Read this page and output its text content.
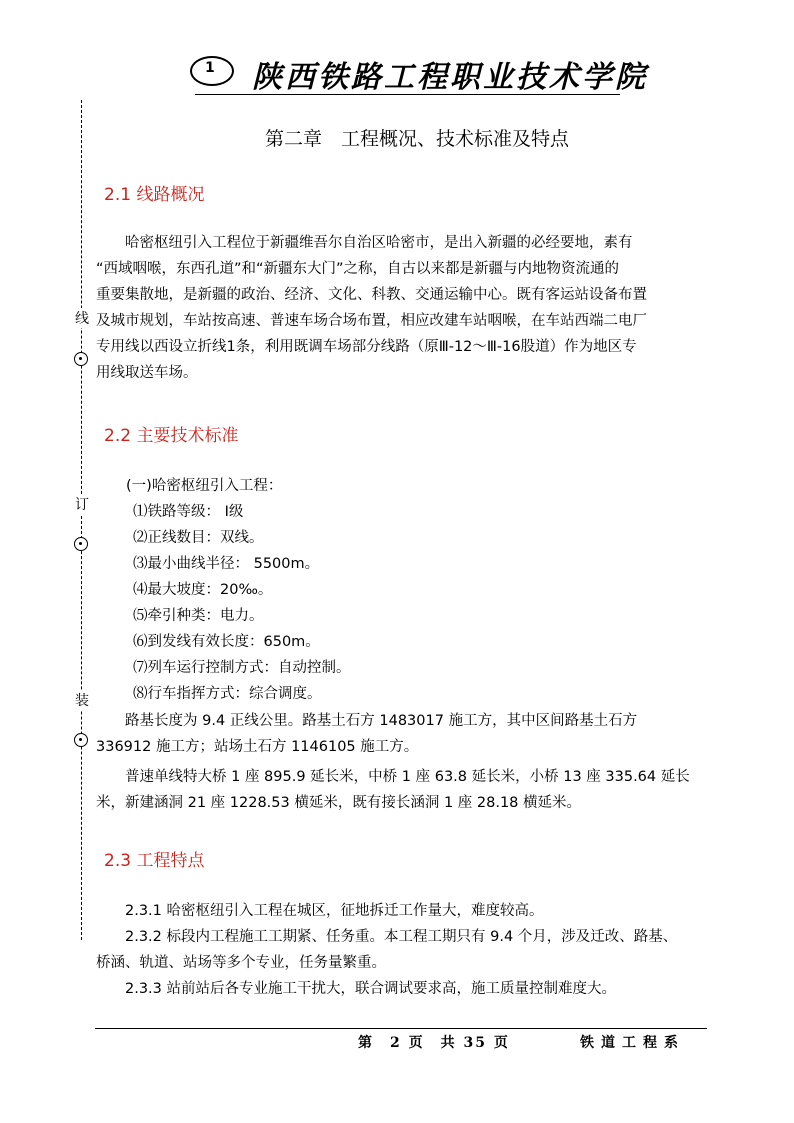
1 陕西铁路工程职业技术学院
线
订
装
第二章　工程概况、技术标准及特点
2.1 线路概况
哈密枢纽引入工程位于新疆维吾尔自治区哈密市，是出入新疆的必经要地，素有
“西域咽喉，东西孔道”和“新疆东大门”之称，自古以来都是新疆与内地物资流通的
重要集散地，是新疆的政治、经济、文化、科教、交通运输中心。既有客运站设备布置
及城市规划，车站按高速、普速车场合场布置，相应改建车站咽喉，在车站西端二电厂
专用线以西设立折线1条，利用既调车场部分线路（原Ⅲ-12～Ⅲ-16股道）作为地区专
用线取送车场。
2.2 主要技术标准
(一)哈密枢纽引入工程：
⑴铁路等级： Ⅰ级
⑵正线数目：双线。
⑶最小曲线半径： 5500m。
⑷最大坡度：20‰。
⑸牵引种类：电力。
⑹到发线有效长度：650m。
⑺列车运行控制方式：自动控制。
⑻行车指挥方式：综合调度。
路基长度为 9.4 正线公里。路基土石方 1483017 施工方，其中区间路基土石方
336912 施工方；站场土石方 1146105 施工方。
普速单线特大桥 1 座 895.9 延长米，中桥 1 座 63.8 延长米，小桥 13 座 335.64 延长
米，新建涵洞 21 座 1228.53 横延米，既有接长涵洞 1 座 28.18 横延米。
2.3 工程特点
2.3.1 哈密枢纽引入工程在城区，征地拆迁工作量大，难度较高。
2.3.2 标段内工程施工工期紧、任务重。本工程工期只有 9.4 个月，涉及迁改、路基、
桥涵、轨道、站场等多个专业，任务量繁重。
2.3.3 站前站后各专业施工干扰大，联合调试要求高，施工质量控制难度大。
第　2 页　共 35 页	铁道工程系
